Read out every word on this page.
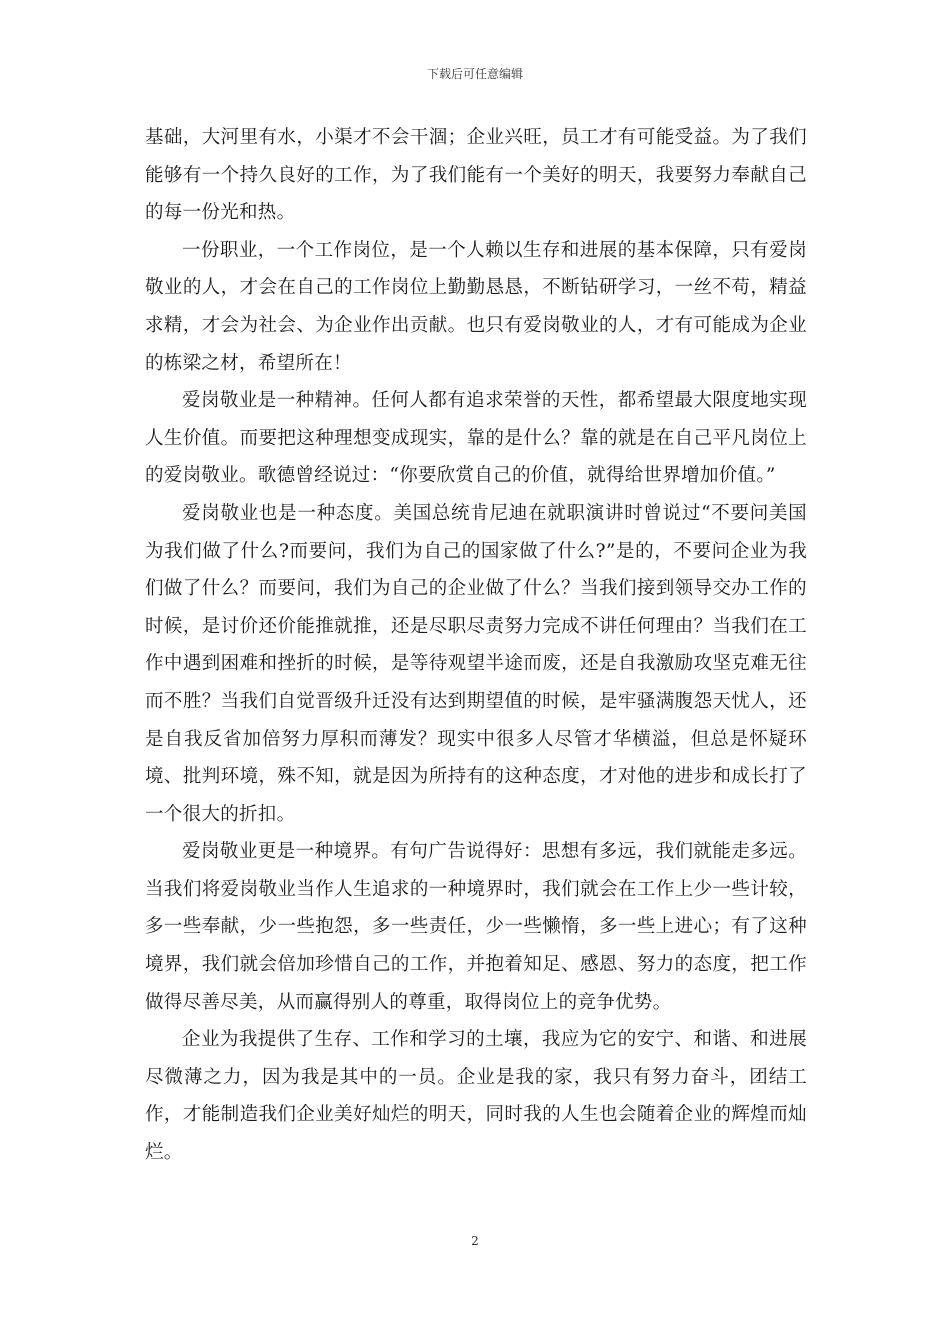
下载后可任意编辑

基础，大河里有水，小渠才不会干涸；企业兴旺，员工才有可能受益。为了我们能够有一个持久良好的工作，为了我们能有一个美好的明天，我要努力奉献自己的每一份光和热。

一份职业，一个工作岗位，是一个人赖以生存和进展的基本保障，只有爱岗敬业的人，才会在自己的工作岗位上勤勤恳恳，不断钻研学习，一丝不苟，精益求精，才会为社会、为企业作出贡献。也只有爱岗敬业的人，才有可能成为企业的栋梁之材，希望所在！

爱岗敬业是一种精神。任何人都有追求荣誉的天性，都希望最大限度地实现人生价值。而要把这种理想变成现实，靠的是什么？靠的就是在自己平凡岗位上的爱岗敬业。歌德曾经说过：“你要欣赏自己的价值，就得给世界增加价值。”

爱岗敬业也是一种态度。美国总统肯尼迪在就职演讲时曾说过“不要问美国为我们做了什么?而要问，我们为自己的国家做了什么?”是的，不要问企业为我们做了什么？而要问，我们为自己的企业做了什么？当我们接到领导交办工作的时候，是讨价还价能推就推，还是尽职尽责努力完成不讲任何理由？当我们在工作中遇到困难和挫折的时候，是等待观望半途而废，还是自我激励攻坚克难无往而不胜？当我们自觉晋级升迁没有达到期望值的时候，是牢骚满腹怨天忧人，还是自我反省加倍努力厚积而薄发？现实中很多人尽管才华横溢，但总是怀疑环境、批判环境，殊不知，就是因为所持有的这种态度，才对他的进步和成长打了一个很大的折扣。

爱岗敬业更是一种境界。有句广告说得好：思想有多远，我们就能走多远。当我们将爱岗敬业当作人生追求的一种境界时，我们就会在工作上少一些计较，多一些奉献，少一些抱怨，多一些责任，少一些懒惰，多一些上进心；有了这种境界，我们就会倍加珍惜自己的工作，并抱着知足、感恩、努力的态度，把工作做得尽善尽美，从而赢得别人的尊重，取得岗位上的竞争优势。

企业为我提供了生存、工作和学习的土壤，我应为它的安宁、和谐、和进展尽微薄之力，因为我是其中的一员。企业是我的家，我只有努力奋斗，团结工作，才能制造我们企业美好灿烂的明天，同时我的人生也会随着企业的辉煌而灿烂。

2
